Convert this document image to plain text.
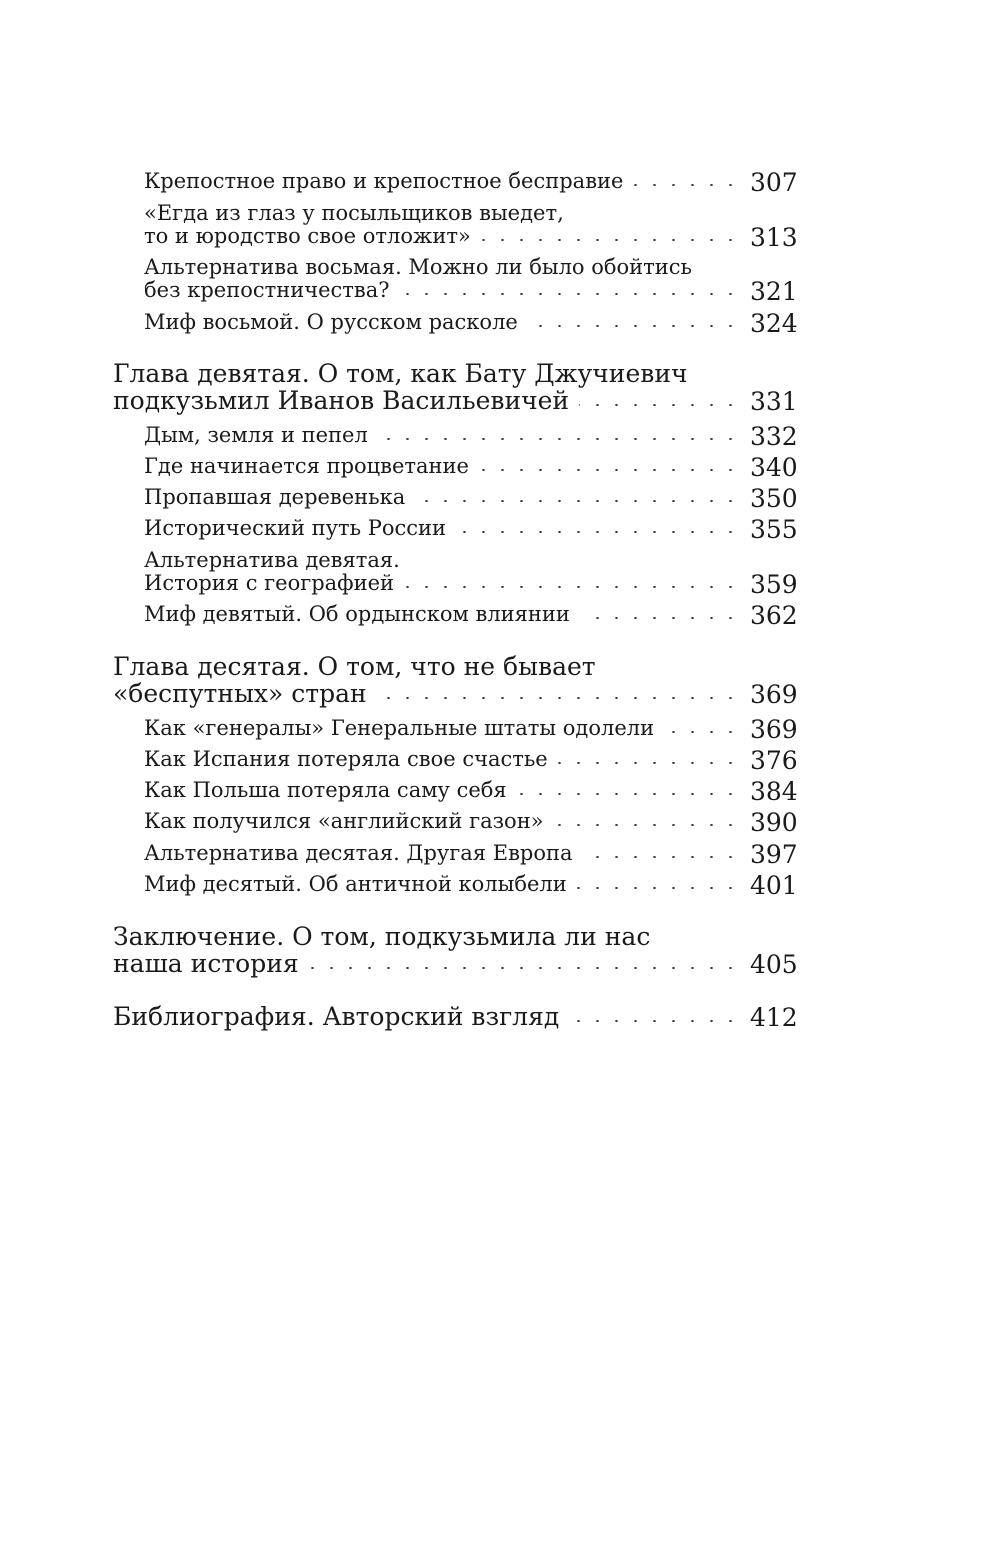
Крепостное право и крепостное бесправие	307
«Егда из глаз у посыльщиков выедет,
то и юродство свое отложит»	313
Альтернатива восьмая. Можно ли было обойтись
без крепостничества?	321
Миф восьмой. О русском расколе	324
Глава девятая. О том, как Бату Джучиевич
подкузьмил Иванов Васильевичей	331
Дым, земля и пепел	332
Где начинается процветание	340
Пропавшая деревенька	350
Исторический путь России	355
Альтернатива девятая.
История с географией	359
Миф девятый. Об ордынском влиянии	362
Глава десятая. О том, что не бывает
«беспутных» стран	369
Как «генералы» Генеральные штаты одолели	369
Как Испания потеряла свое счастье	376
Как Польша потеряла саму себя	384
Как получился «английский газон»	390
Альтернатива десятая. Другая Европа	397
Миф десятый. Об античной колыбели	401
Заключение. О том, подкузьмила ли нас
наша история	405
Библиография. Авторский взгляд	412
